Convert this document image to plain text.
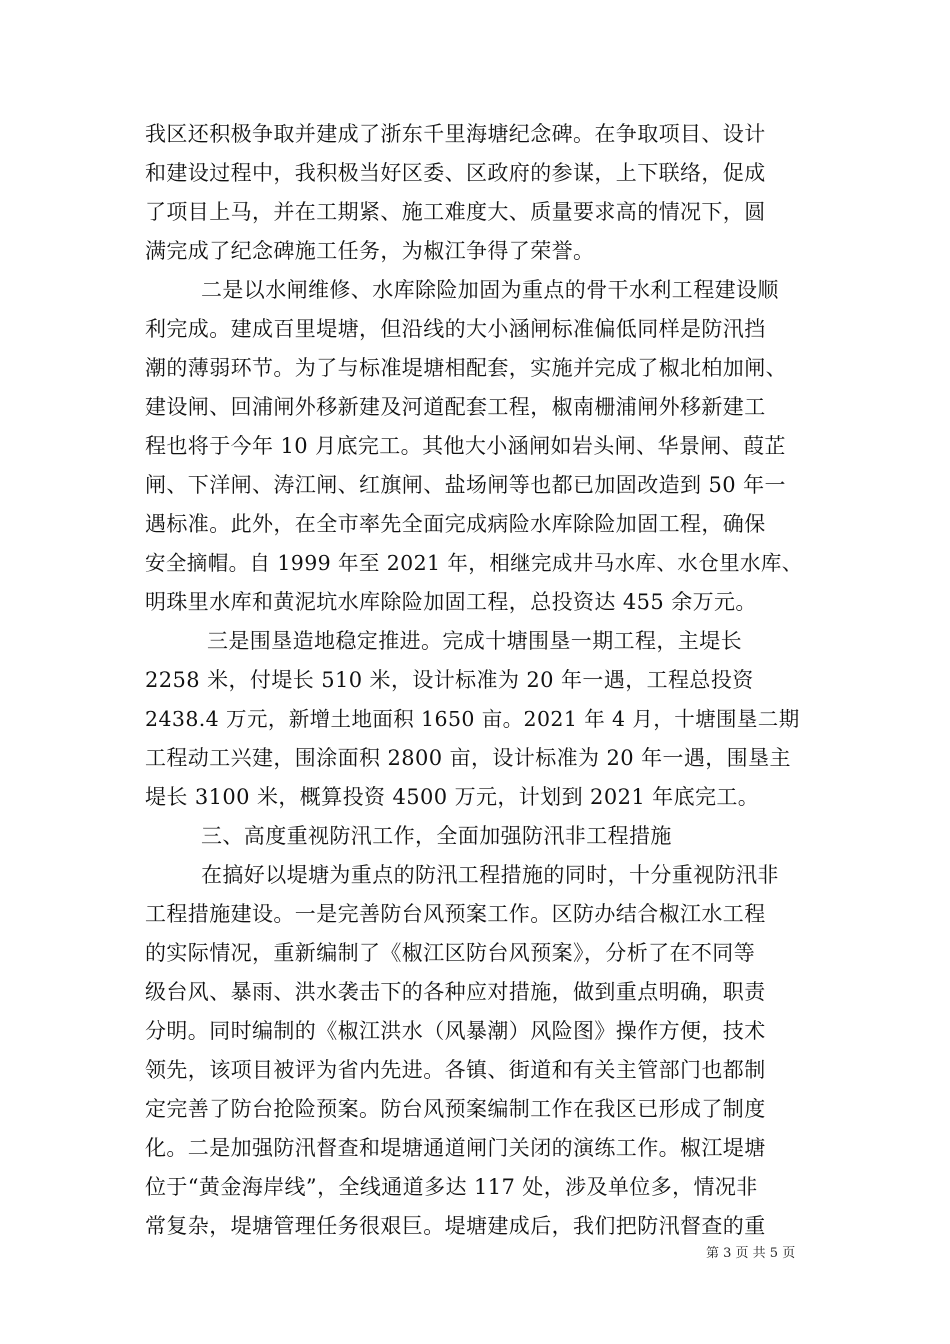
我区还积极争取并建成了浙东千里海塘纪念碑。在争取项目、设计
和建设过程中，我积极当好区委、区政府的参谋，上下联络，促成
了项目上马，并在工期紧、施工难度大、质量要求高的情况下，圆
满完成了纪念碑施工任务，为椒江争得了荣誉。
二是以水闸维修、水库除险加固为重点的骨干水利工程建设顺
利完成。建成百里堤塘，但沿线的大小涵闸标准偏低同样是防汛挡
潮的薄弱环节。为了与标准堤塘相配套，实施并完成了椒北柏加闸、
建设闸、回浦闸外移新建及河道配套工程，椒南栅浦闸外移新建工
程也将于今年 10 月底完工。其他大小涵闸如岩头闸、华景闸、葭芷
闸、下洋闸、涛江闸、红旗闸、盐场闸等也都已加固改造到 50 年一
遇标准。此外，在全市率先全面完成病险水库除险加固工程，确保
安全摘帽。自 1999 年至 2021 年，相继完成井马水库、水仓里水库、
明珠里水库和黄泥坑水库除险加固工程，总投资达 455 余万元。
三是围垦造地稳定推进。完成十塘围垦一期工程，主堤长
2258 米，付堤长 510 米，设计标准为 20 年一遇，工程总投资
2438.4 万元，新增土地面积 1650 亩。2021 年 4 月，十塘围垦二期
工程动工兴建，围涂面积 2800 亩，设计标准为 20 年一遇，围垦主
堤长 3100 米，概算投资 4500 万元，计划到 2021 年底完工。
三、高度重视防汛工作，全面加强防汛非工程措施
在搞好以堤塘为重点的防汛工程措施的同时，十分重视防汛非
工程措施建设。一是完善防台风预案工作。区防办结合椒江水工程
的实际情况，重新编制了《椒江区防台风预案》，分析了在不同等
级台风、暴雨、洪水袭击下的各种应对措施，做到重点明确，职责
分明。同时编制的《椒江洪水（风暴潮）风险图》操作方便，技术
领先，该项目被评为省内先进。各镇、街道和有关主管部门也都制
定完善了防台抢险预案。防台风预案编制工作在我区已形成了制度
化。二是加强防汛督查和堤塘通道闸门关闭的演练工作。椒江堤塘
位于“黄金海岸线”，全线通道多达 117 处，涉及单位多，情况非
常复杂，堤塘管理任务很艰巨。堤塘建成后，我们把防汛督查的重
第 3 页 共 5 页
